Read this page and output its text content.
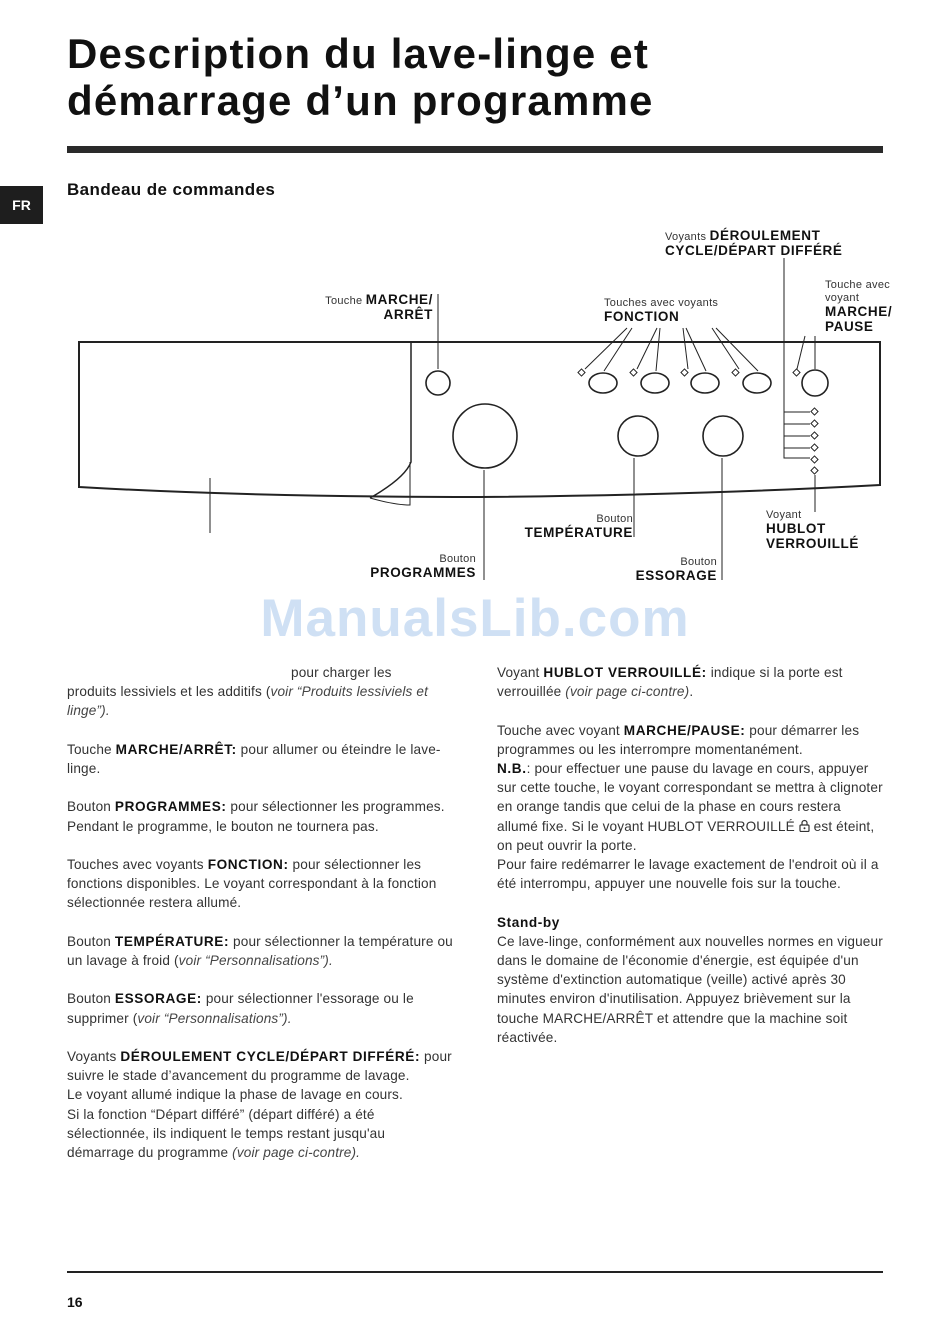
Description du lave-linge et
démarrage d’un programme
FR
Bandeau de commandes
Touche MARCHE/
ARRÊT
Voyants DÉROULEMENT
CYCLE/DÉPART DIFFÉRÉ
Touches avec voyants
FONCTION
Touche avec
voyant
MARCHE/
PAUSE
Bouton
TEMPÉRATURE
Voyant
HUBLOT
VERROUILLÉ
Bouton
PROGRAMMES
Bouton
ESSORAGE
ManualsLib.com

pour charger les
produits lessiviels et les additifs (voir “Produits lessiviels et linge”).

Touche MARCHE/ARRÊT: pour allumer ou éteindre le lave-linge.

Bouton PROGRAMMES: pour sélectionner les programmes. Pendant le programme, le bouton ne tournera pas.

Touches avec voyants FONCTION: pour sélectionner les fonctions disponibles. Le voyant correspondant à la fonction sélectionnée restera allumé.

Bouton TEMPÉRATURE: pour sélectionner la température ou un lavage à froid (voir “Personnalisations”).

Bouton ESSORAGE: pour sélectionner l'essorage ou le supprimer (voir “Personnalisations”).

Voyants DÉROULEMENT CYCLE/DÉPART DIFFÉRÉ: pour suivre le stade d’avancement du programme de lavage.
Le voyant allumé indique la phase de lavage en cours.
Si la fonction “Départ différé” (départ différé) a été sélectionnée, ils indiquent le temps restant jusqu'au démarrage du programme (voir page ci-contre).

Voyant HUBLOT VERROUILLÉ: indique si la porte est verrouillée (voir page ci-contre).

Touche avec voyant MARCHE/PAUSE: pour démarrer les programmes ou les interrompre momentanément.
N.B.: pour effectuer une pause du lavage en cours, appuyer sur cette touche, le voyant correspondant se mettra à clignoter en orange tandis que celui de la phase en cours restera allumé fixe. Si le voyant HUBLOT VERROUILLÉ  est éteint, on peut ouvrir la porte.
Pour faire redémarrer le lavage exactement de l'endroit où il a été interrompu, appuyer une nouvelle fois sur la touche.

Stand-by
Ce lave-linge, conformément aux nouvelles normes en vigueur dans le domaine de l'économie d'énergie, est équipée d'un système d'extinction automatique (veille) activé après 30 minutes environ d'inutilisation. Appuyez brièvement sur la touche MARCHE/ARRÊT et attendre que la machine soit réactivée.

16
